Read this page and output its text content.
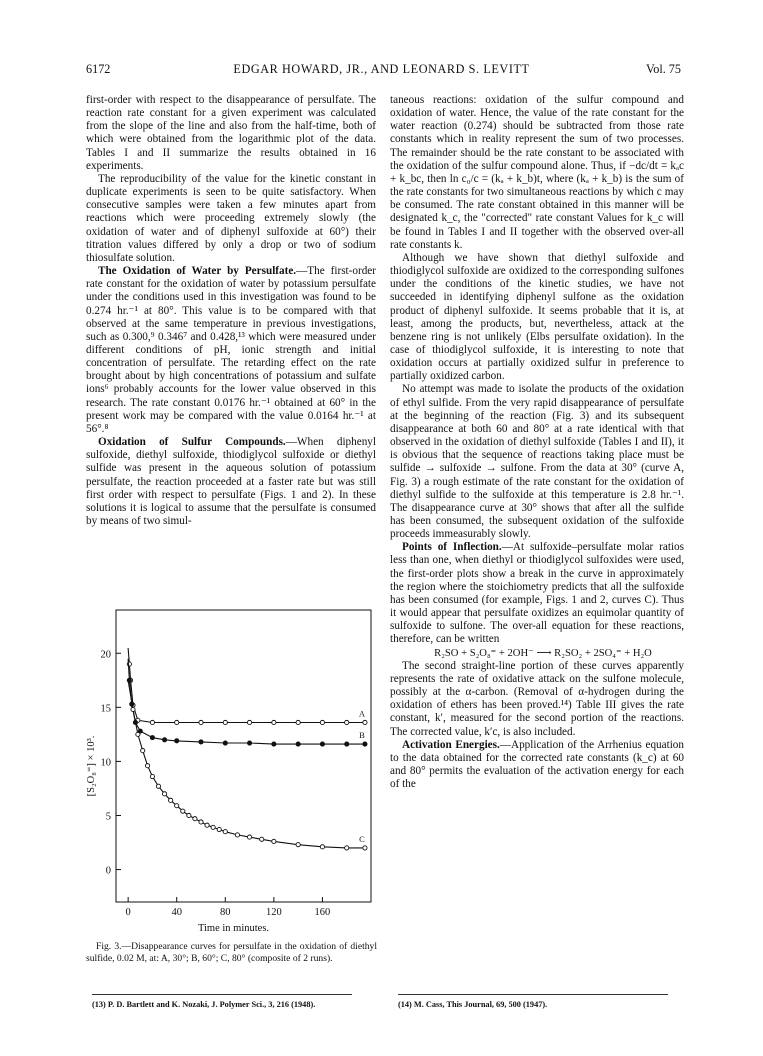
6172	EDGAR HOWARD, JR., AND LEONARD S. LEVITT	Vol. 75

first-order with respect to the disappearance of persulfate. The reaction rate constant for a given experiment was calculated from the slope of the line and also from the half-time, both of which were obtained from the logarithmic plot of the data. Tables I and II summarize the results obtained in 16 experiments.

The reproducibility of the value for the kinetic constant in duplicate experiments is seen to be quite satisfactory. When consecutive samples were taken a few minutes apart from reactions which were proceeding extremely slowly (the oxidation of water and of diphenyl sulfoxide at 60°) their titration values differed by only a drop or two of sodium thiosulfate solution.

The Oxidation of Water by Persulfate.—The first-order rate constant for the oxidation of water by potassium persulfate under the conditions used in this investigation was found to be 0.274 hr.⁻¹ at 80°. This value is to be compared with that observed at the same temperature in previous investigations, such as 0.300,⁹ 0.346⁷ and 0.428,¹³ which were measured under different conditions of pH, ionic strength and initial concentration of persulfate. The retarding effect on the rate brought about by high concentrations of potassium and sulfate ions⁶ probably accounts for the lower value observed in this research. The rate constant 0.0176 hr.⁻¹ obtained at 60° in the present work may be compared with the value 0.0164 hr.⁻¹ at 56°.⁸

Oxidation of Sulfur Compounds.—When diphenyl sulfoxide, diethyl sulfoxide, thiodiglycol sulfoxide or diethyl sulfide was present in the aqueous solution of potassium persulfate, the reaction proceeded at a faster rate but was still first order with respect to persulfate (Figs. 1 and 2). In these solutions it is logical to assume that the persulfate is consumed by means of two simul-

taneous reactions: oxidation of the sulfur compound and oxidation of water. Hence, the value of the rate constant for the water reaction (0.274) should be subtracted from those rate constants which in reality represent the sum of two processes. The remainder should be the rate constant to be associated with the oxidation of the sulfur compound alone. Thus, if −dc/dt = kₐc + k_bc, then ln c₀/c = (kₐ + k_b)t, where (kₐ + k_b) is the sum of the rate constants for two simultaneous reactions by which c may be consumed. The rate constant obtained in this manner will be designated k_c, the "corrected" rate constant Values for k_c will be found in Tables I and II together with the observed over-all rate constants k.

Although we have shown that diethyl sulfoxide and thiodiglycol sulfoxide are oxidized to the corresponding sulfones under the conditions of the kinetic studies, we have not succeeded in identifying diphenyl sulfone as the oxidation product of diphenyl sulfoxide. It seems probable that it is, at least, among the products, but, nevertheless, attack at the benzene ring is not unlikely (Elbs persulfate oxidation). In the case of thiodiglycol sulfoxide, it is interesting to note that oxidation occurs at partially oxidized sulfur in preference to partially oxidized carbon.

No attempt was made to isolate the products of the oxidation of ethyl sulfide. From the very rapid disappearance of persulfate at the beginning of the reaction (Fig. 3) and its subsequent disappearance at both 60 and 80° at a rate identical with that observed in the oxidation of diethyl sulfoxide (Tables I and II), it is obvious that the sequence of reactions taking place must be sulfide → sulfoxide → sulfone. From the data at 30° (curve A, Fig. 3) a rough estimate of the rate constant for the oxidation of diethyl sulfide to the sulfoxide at this temperature is 2.8 hr.⁻¹. The disappearance curve at 30° shows that after all the sulfide has been consumed, the subsequent oxidation of the sulfoxide proceeds immeasurably slowly.

Points of Inflection.—At sulfoxide–persulfate molar ratios less than one, when diethyl or thiodiglycol sulfoxides were used, the first-order plots show a break in the curve in approximately the region where the stoichiometry predicts that all the sulfoxide has been consumed (for example, Figs. 1 and 2, curves C). Thus it would appear that persulfate oxidizes an equimolar quantity of sulfoxide to sulfone. The over-all equation for these reactions, therefore, can be written

R₂SO + S₂O₈⁼ + 2OH⁻ ⟶ R₂SO₂ + 2SO₄⁼ + H₂O

The second straight-line portion of these curves apparently represents the rate of oxidative attack on the sulfone molecule, possibly at the α-carbon. (Removal of α-hydrogen during the oxidation of ethers has been proved.¹⁴) Table III gives the rate constant, k′, measured for the second portion of the reactions. The corrected value, k′c, is also included.

Activation Energies.—Application of the Arrhenius equation to the data obtained for the corrected rate constants (k_c) at 60 and 80° permits the evaluation of the activation energy for each of the

0
5
10
15
20
0	40	80	120	160
[S₂O₈⁼] × 10³.
Time in minutes.
A
B
C

Fig. 3.—Disappearance curves for persulfate in the oxidation of diethyl sulfide, 0.02 M, at: A, 30°; B, 60°; C, 80° (composite of 2 runs).

(13) P. D. Bartlett and K. Nozaki, J. Polymer Sci., 3, 216 (1948).	(14) M. Cass, This Journal, 69, 500 (1947).
